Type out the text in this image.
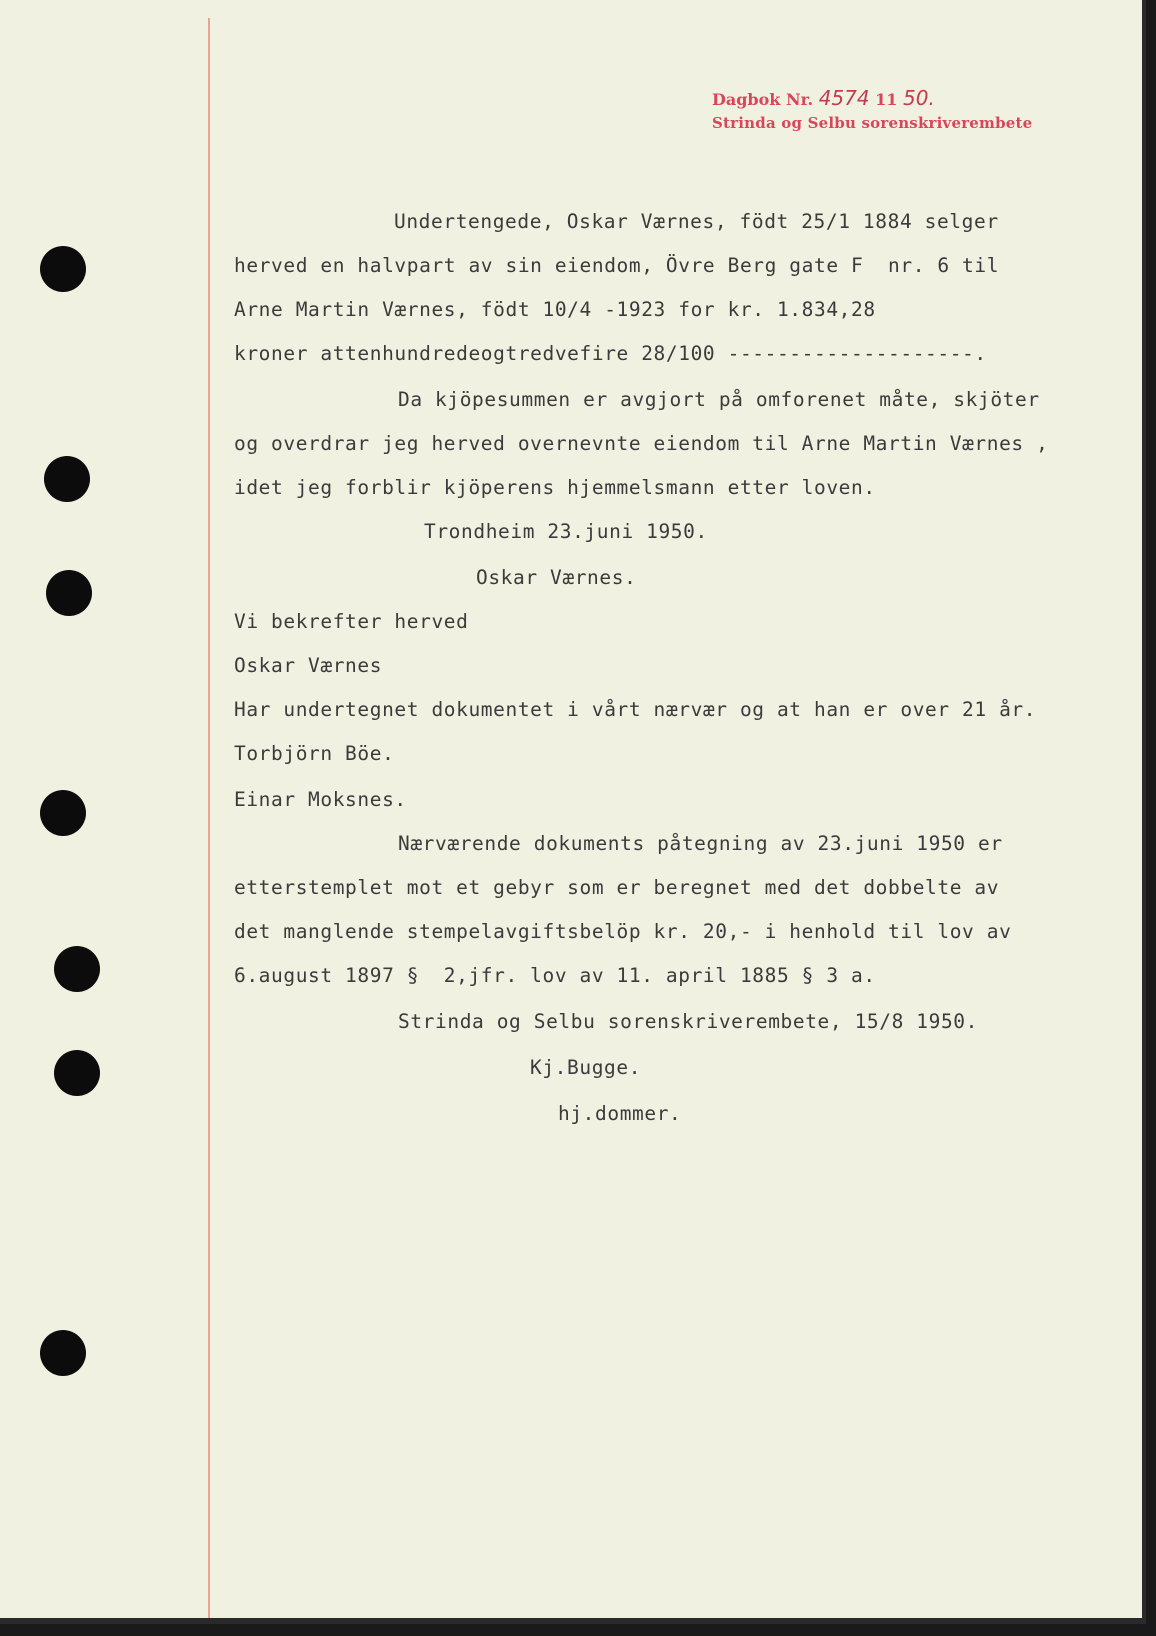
Dagbok Nr. 4574 11 50.
Strinda og Selbu sorenskriverembete
Undertengede, Oskar Værnes, födt 25/1 1884 selger
herved en halvpart av sin eiendom, Övre Berg gate F  nr. 6 til
Arne Martin Værnes, födt 10/4 -1923 for kr. 1.834,28
kroner attenhundredeogtredvefire 28/100 --------------------.
Da kjöpesummen er avgjort på omforenet måte, skjöter
og overdrar jeg herved overnevnte eiendom til Arne Martin Værnes ,
idet jeg forblir kjöperens hjemmelsmann etter loven.
Trondheim 23.juni 1950.
Oskar Værnes.
Vi bekrefter herved
Oskar Værnes
Har undertegnet dokumentet i vårt nærvær og at han er over 21 år.
Torbjörn Böe.
Einar Moksnes.
Nærværende dokuments påtegning av 23.juni 1950 er
etterstemplet mot et gebyr som er beregnet med det dobbelte av
det manglende stempelavgiftsbelöp kr. 20,- i henhold til lov av
6.august 1897 §  2,jfr. lov av 11. april 1885 § 3 a.
Strinda og Selbu sorenskriverembete, 15/8 1950.
Kj.Bugge.
hj.dommer.
